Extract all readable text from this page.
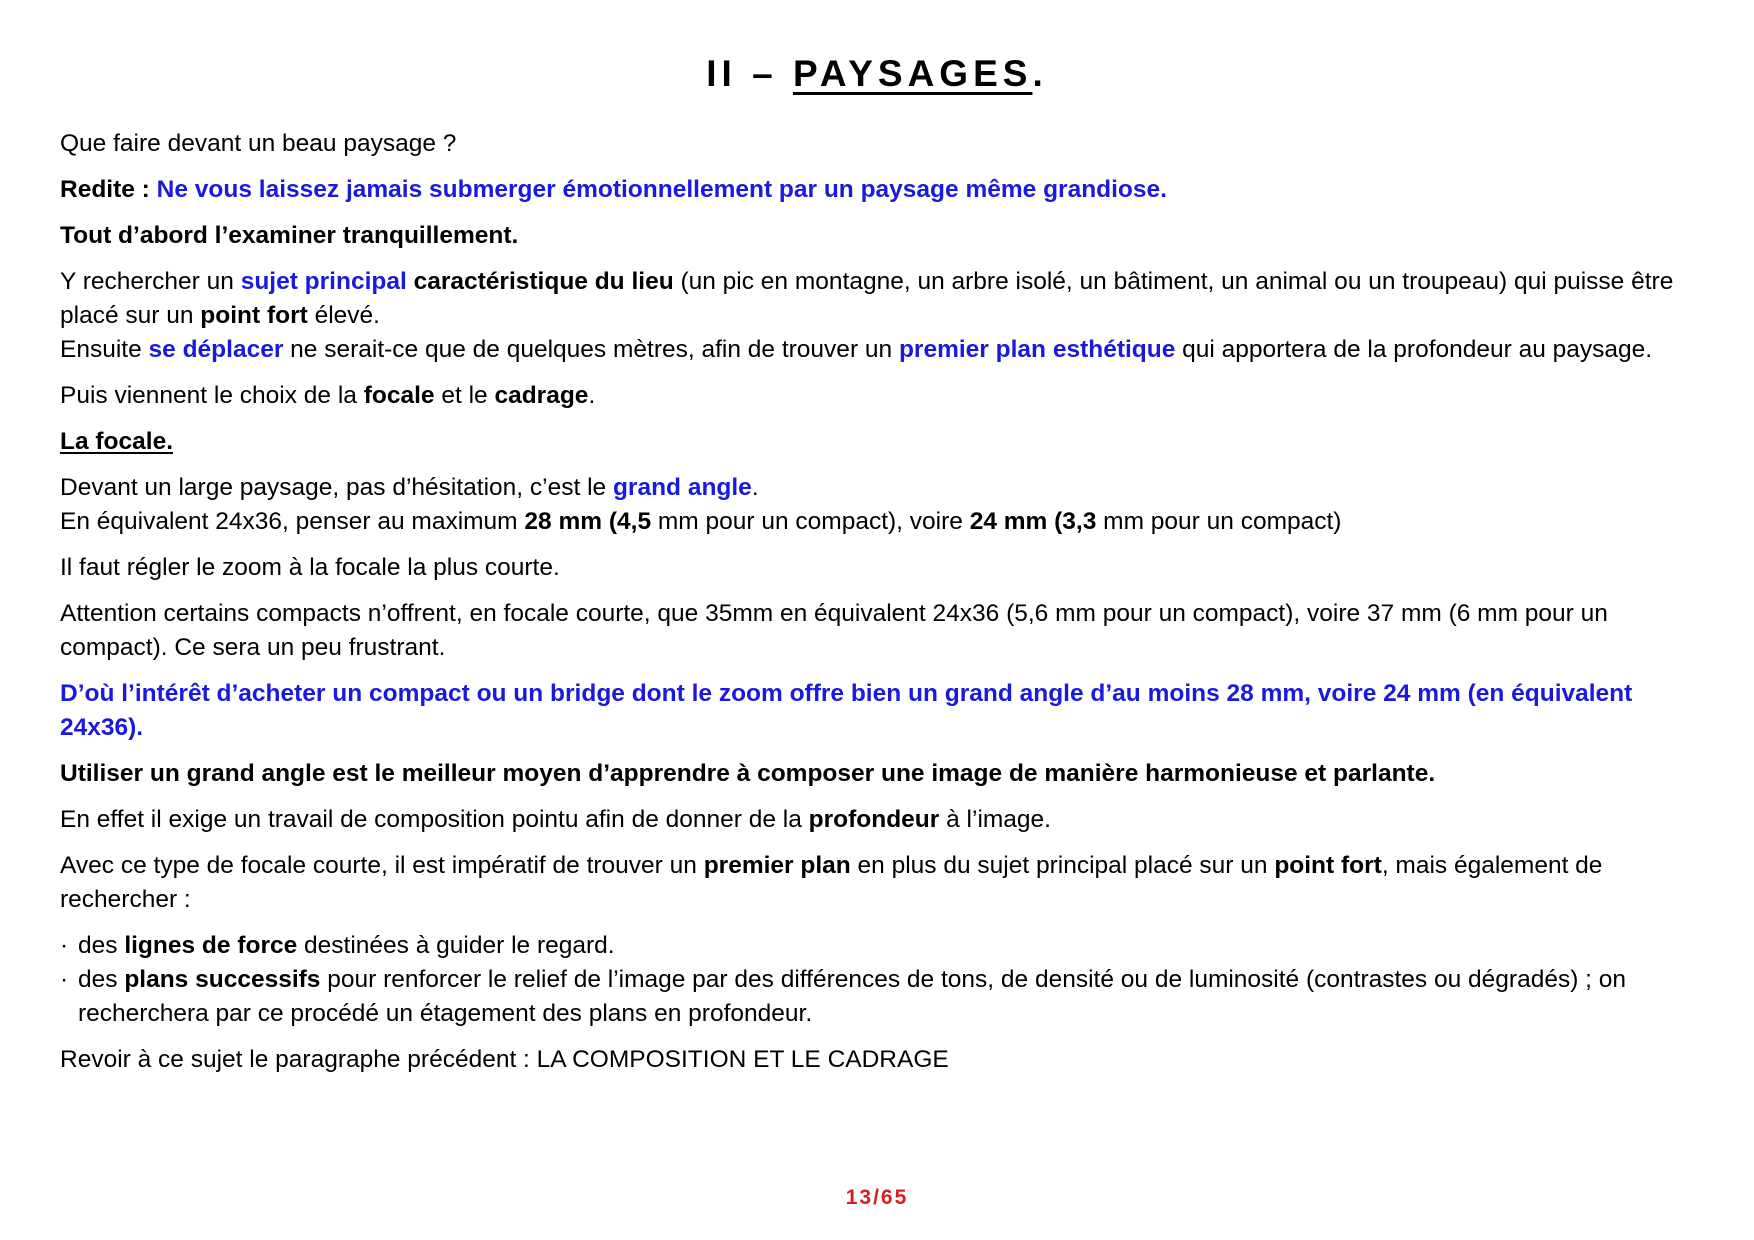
II – PAYSAGES.

Que faire devant un beau paysage ?

Redite : Ne vous laissez jamais submerger émotionnellement par un paysage même grandiose.

Tout d’abord l’examiner tranquillement.

Y rechercher un sujet principal caractéristique du lieu (un pic en montagne, un arbre isolé, un bâtiment, un animal ou un troupeau) qui puisse être placé sur un point fort élevé.
Ensuite se déplacer ne serait-ce que de quelques mètres, afin de trouver un premier plan esthétique qui apportera de la profondeur au paysage.

Puis viennent le choix de la focale et le cadrage.

La focale.

Devant un large paysage, pas d’hésitation, c’est le grand angle.
En équivalent 24x36, penser au maximum 28 mm (4,5 mm pour un compact), voire 24 mm (3,3 mm pour un compact)

Il faut régler le zoom à la focale la plus courte.

Attention certains compacts n’offrent, en focale courte, que 35mm en équivalent 24x36 (5,6 mm pour un compact), voire 37 mm (6 mm pour un compact). Ce sera un peu frustrant.

D’où l’intérêt d’acheter un compact ou un bridge dont le zoom offre bien un grand angle d’au moins 28 mm, voire 24 mm (en équivalent 24x36).

Utiliser un grand angle est le meilleur moyen d’apprendre à composer une image de manière harmonieuse et parlante.

En effet il exige un travail de composition pointu afin de donner de la profondeur à l’image.

Avec ce type de focale courte, il est impératif de trouver un premier plan en plus du sujet principal placé sur un point fort, mais également de rechercher :

· des lignes de force destinées à guider le regard.
· des plans successifs pour renforcer le relief de l’image par des différences de tons, de densité ou de luminosité (contrastes ou dégradés) ; on recherchera par ce procédé un étagement des plans en profondeur.

Revoir à ce sujet le paragraphe précédent : LA COMPOSITION ET LE CADRAGE

13/65
